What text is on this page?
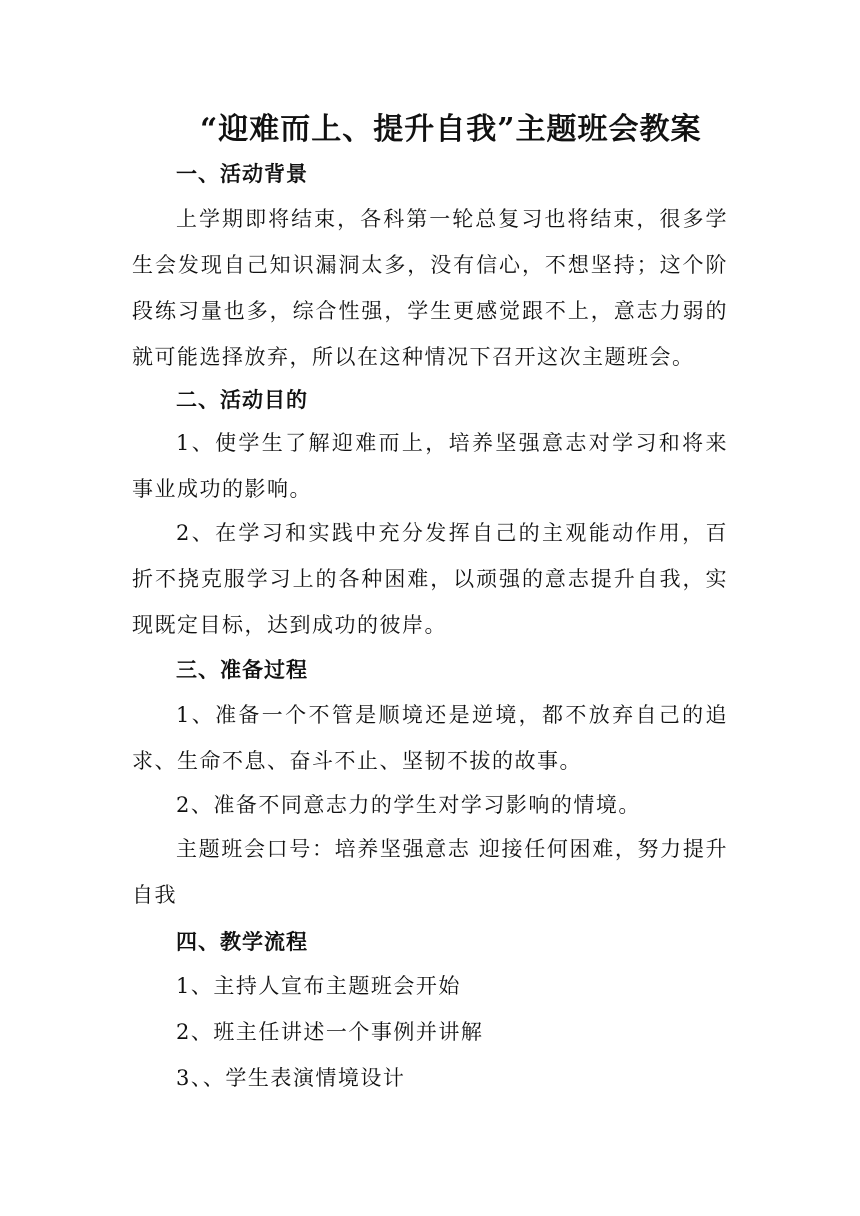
“迎难而上、提升自我”主题班会教案
一、活动背景
上学期即将结束，各科第一轮总复习也将结束，很多学生会发现自己知识漏洞太多，没有信心，不想坚持；这个阶段练习量也多，综合性强，学生更感觉跟不上，意志力弱的就可能选择放弃，所以在这种情况下召开这次主题班会。
二、活动目的
1、使学生了解迎难而上，培养坚强意志对学习和将来事业成功的影响。
2、在学习和实践中充分发挥自己的主观能动作用，百折不挠克服学习上的各种困难，以顽强的意志提升自我，实现既定目标，达到成功的彼岸。
三、准备过程
1、准备一个不管是顺境还是逆境，都不放弃自己的追求、生命不息、奋斗不止、坚韧不拔的故事。
2、准备不同意志力的学生对学习影响的情境。
主题班会口号：培养坚强意志 迎接任何困难，努力提升自我
四、教学流程
1、主持人宣布主题班会开始
2、班主任讲述一个事例并讲解
3、、学生表演情境设计
